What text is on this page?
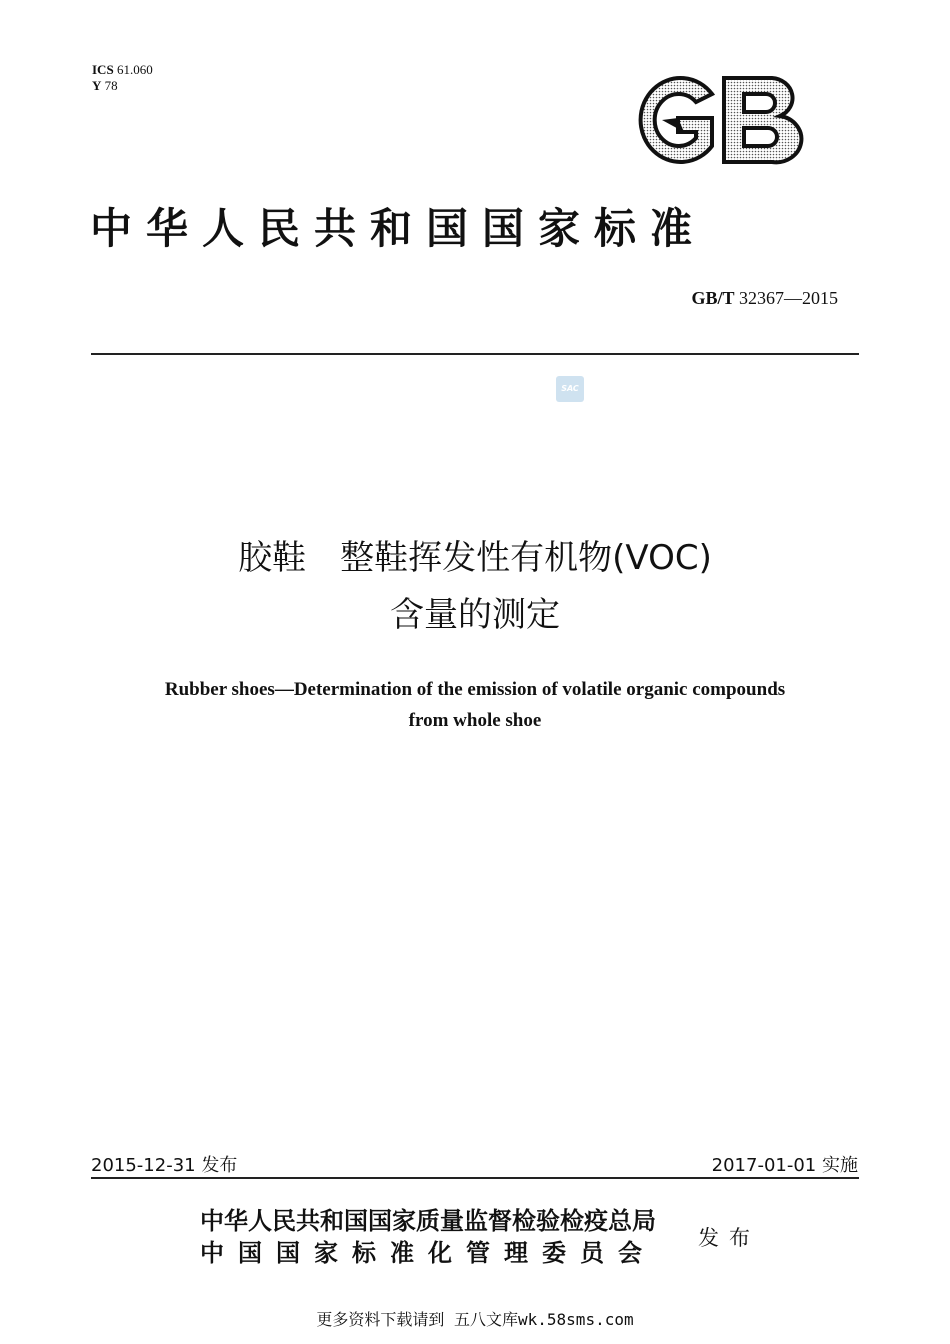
ICS 61.060
Y 78
中华人民共和国国家标准
GB/T 32367—2015
SAC
胶鞋　整鞋挥发性有机物(VOC)
含量的测定
Rubber shoes—Determination of the emission of volatile organic compounds
from whole shoe
2015-12-31 发布	2017-01-01 实施
中华人民共和国国家质量监督检验检疫总局
中国国家标准化管理委员会 发布
更多资料下载请到 五八文库wk.58sms.com
